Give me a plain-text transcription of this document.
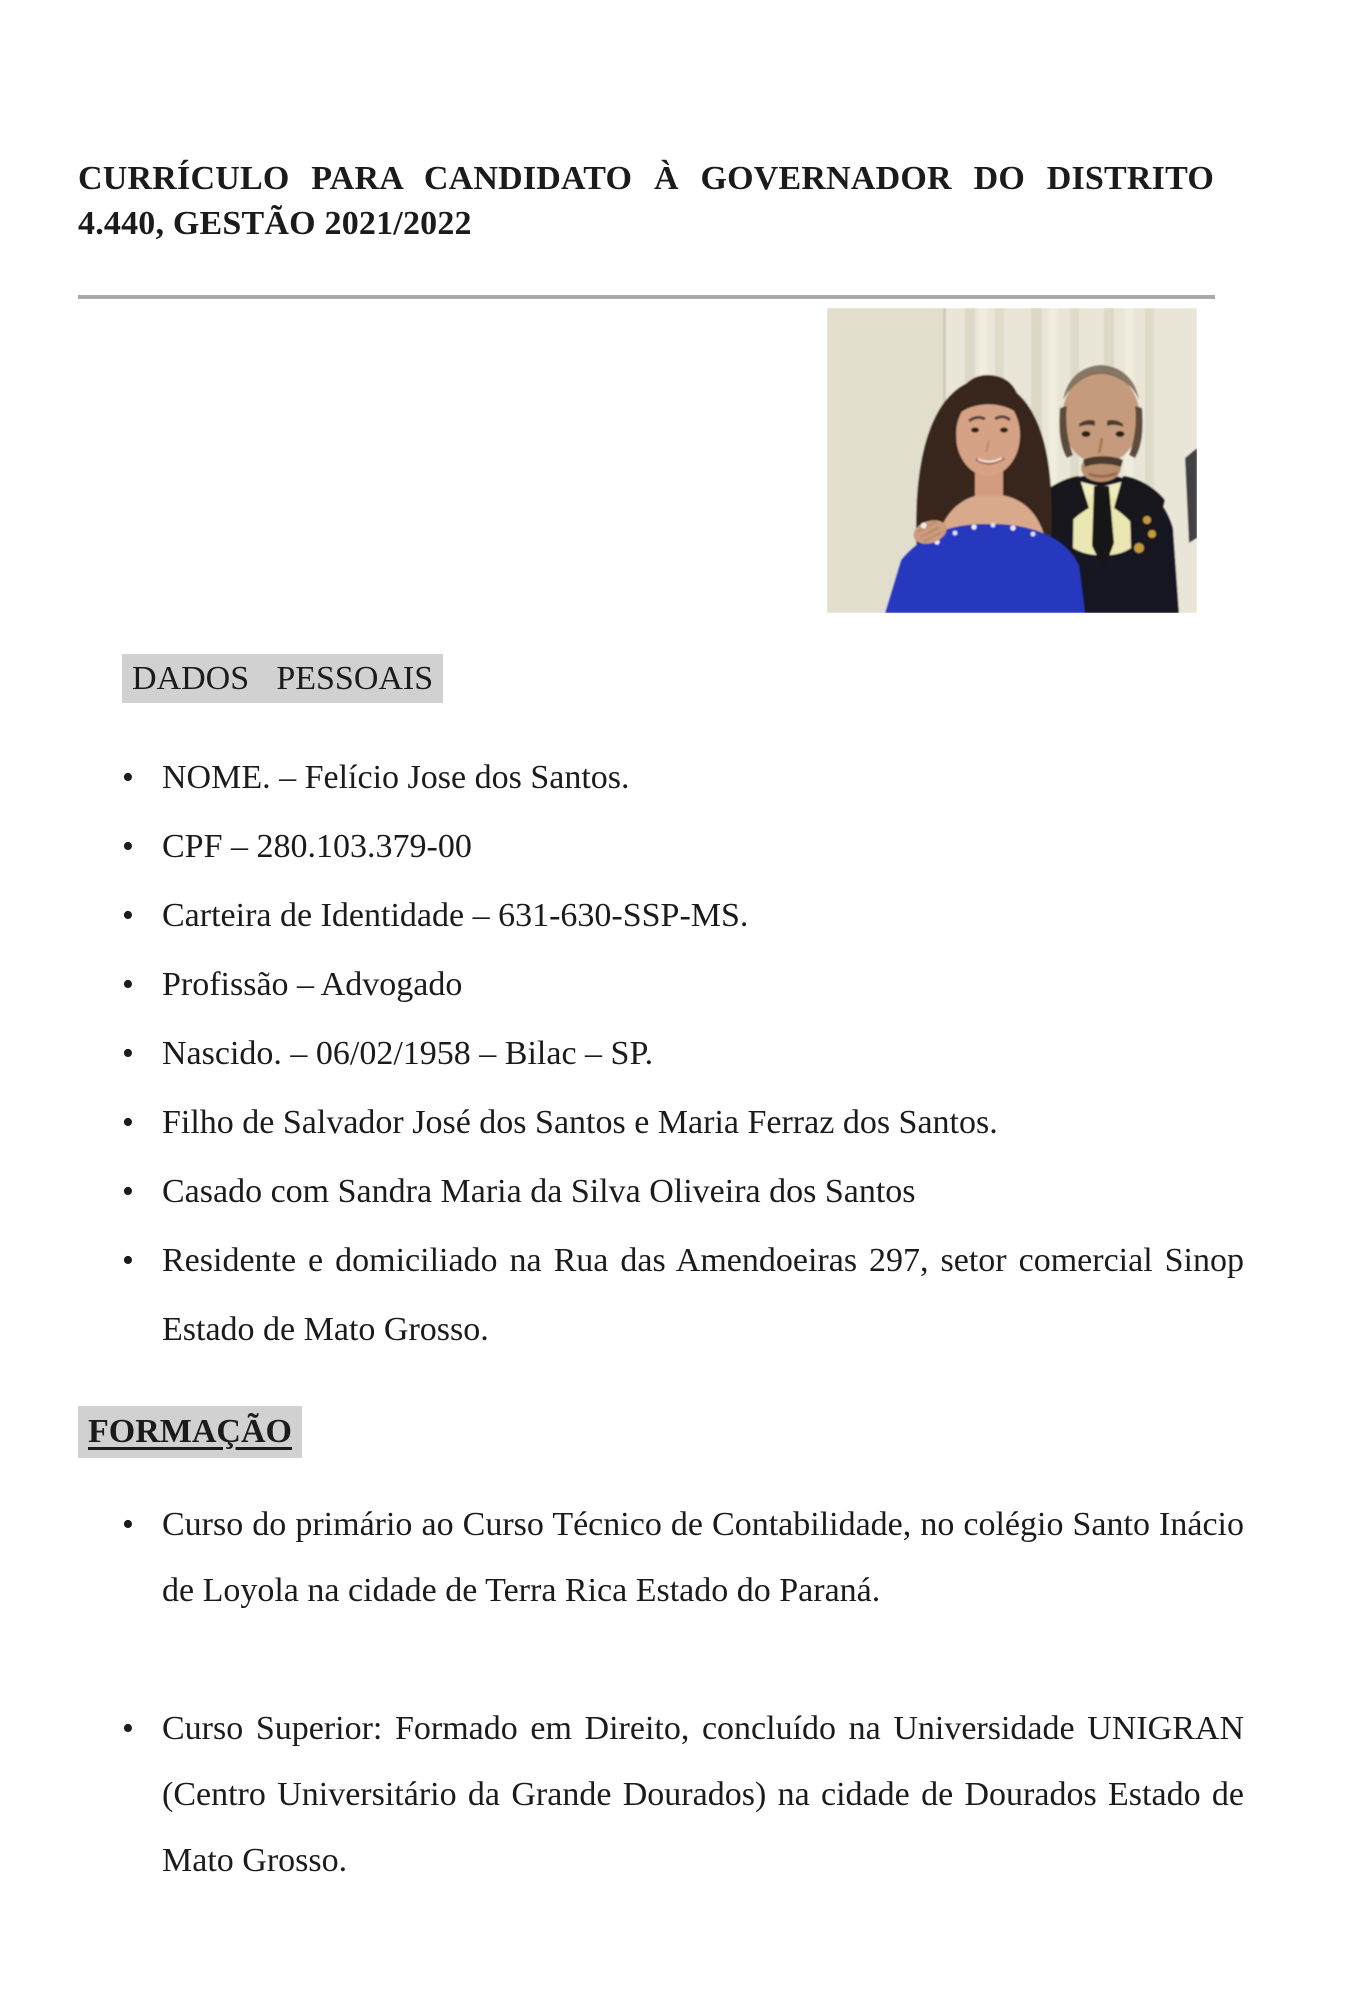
CURRÍCULO PARA CANDIDATO À GOVERNADOR DO DISTRITO
4.440, GESTÃO 2021/2022
DADOS PESSOAIS
• NOME. – Felício Jose dos Santos.
• CPF – 280.103.379-00
• Carteira de Identidade – 631-630-SSP-MS.
• Profissão – Advogado
• Nascido. – 06/02/1958 – Bilac – SP.
• Filho de Salvador José dos Santos e Maria Ferraz dos Santos.
• Casado com Sandra Maria da Silva Oliveira dos Santos
• Residente e domiciliado na Rua das Amendoeiras 297, setor comercial Sinop Estado de Mato Grosso.
FORMAÇÃO
• Curso do primário ao Curso Técnico de Contabilidade, no colégio Santo Inácio de Loyola na cidade de Terra Rica Estado do Paraná.
• Curso Superior: Formado em Direito, concluído na Universidade UNIGRAN (Centro Universitário da Grande Dourados) na cidade de Dourados Estado de Mato Grosso.
